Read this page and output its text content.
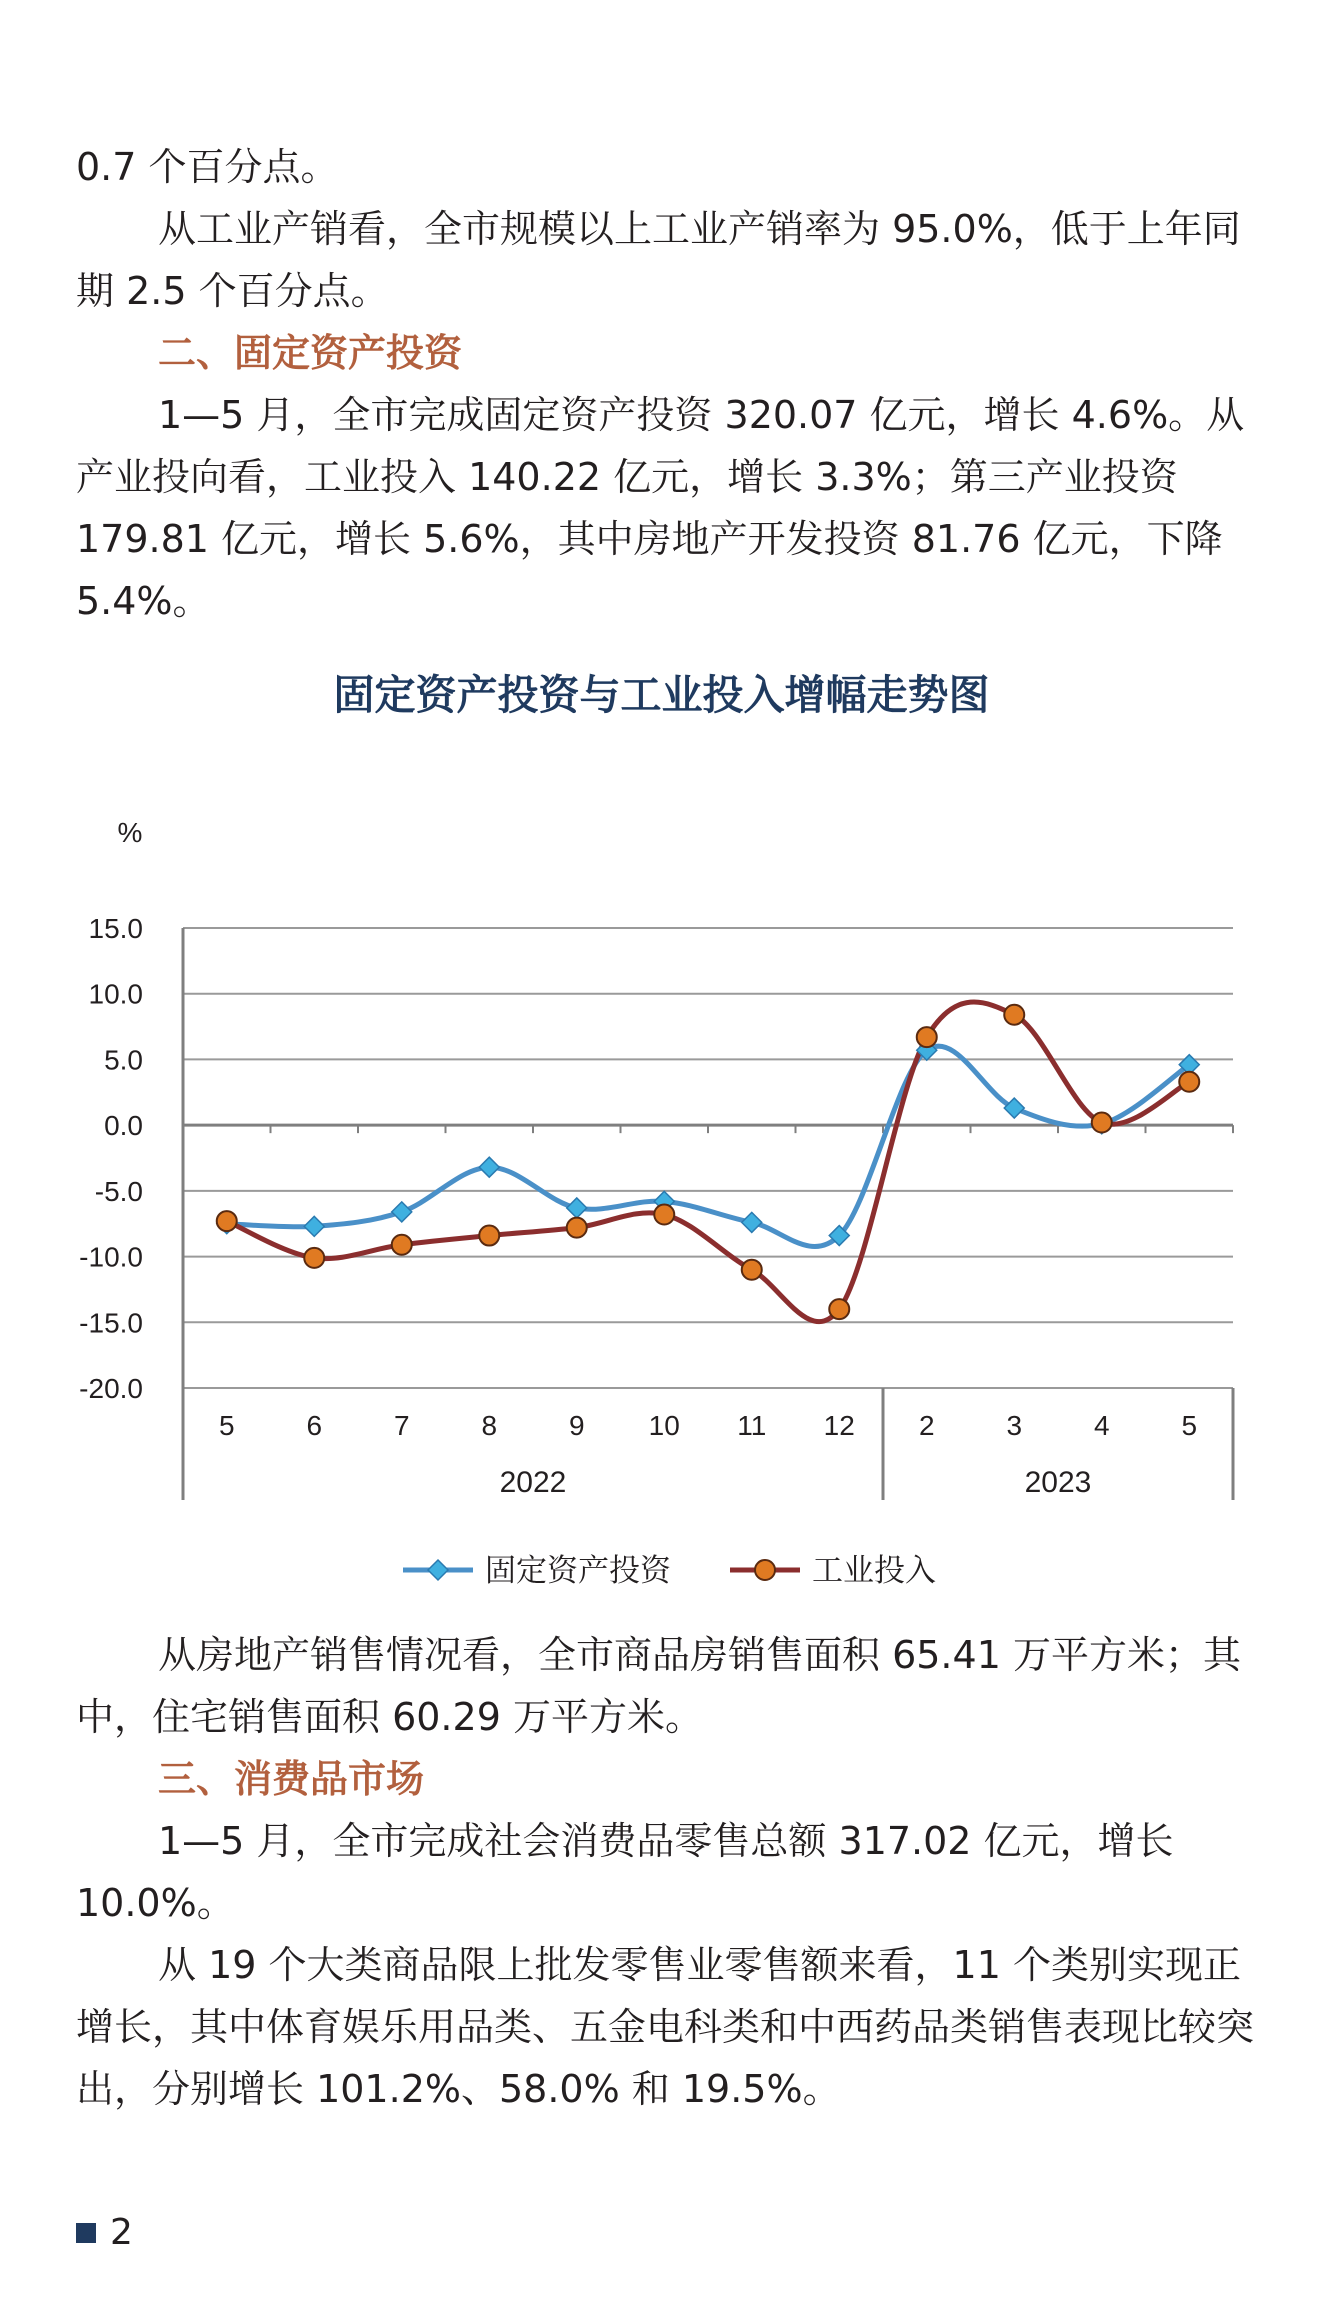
0.7 个百分点。

从工业产销看，全市规模以上工业产销率为 95.0%，低于上年同期 2.5 个百分点。

二、固定资产投资

1—5 月，全市完成固定资产投资 320.07 亿元，增长 4.6%。从产业投向看，工业投入 140.22 亿元，增长 3.3%；第三产业投资 179.81 亿元，增长 5.6%，其中房地产开发投资 81.76 亿元，下降 5.4%。

固定资产投资与工业投入增幅走势图
%
15.0
10.0
5.0
0.0
-5.0
-10.0
-15.0
-20.0
5	6	7	8	9 10 11 12 2	3	4	5
2022	2023
固定资产投资	工业投入

从房地产销售情况看，全市商品房销售面积 65.41 万平方米；其中，住宅销售面积 60.29 万平方米。

三、消费品市场

1—5 月，全市完成社会消费品零售总额 317.02 亿元，增长 10.0%。

从 19 个大类商品限上批发零售业零售额来看，11 个类别实现正增长，其中体育娱乐用品类、五金电科类和中西药品类销售表现比较突出，分别增长 101.2%、58.0% 和 19.5%。

2
